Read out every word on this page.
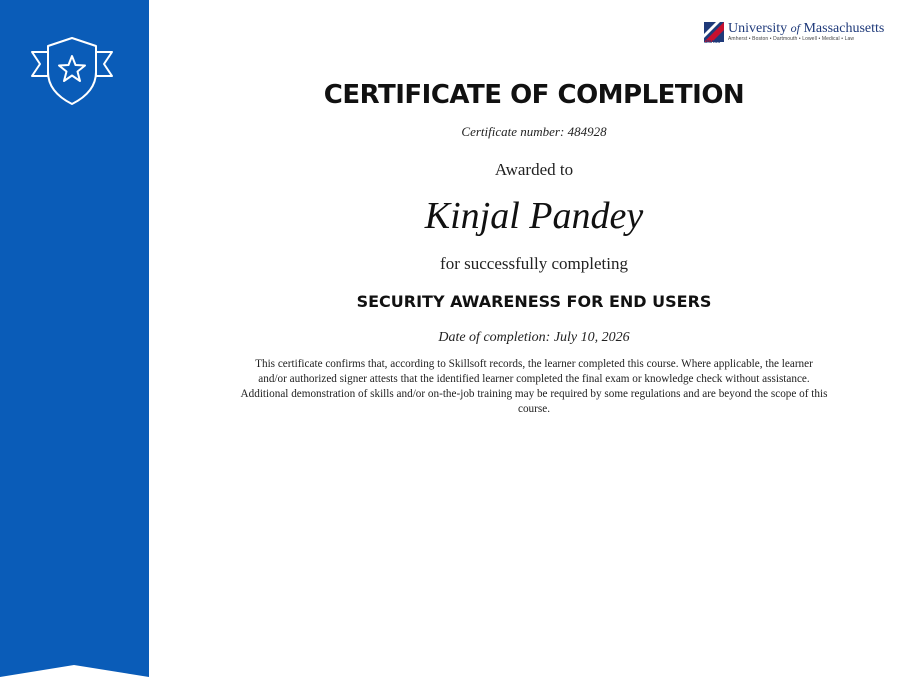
UMASS
University of Massachusetts
Amherst • Boston • Dartmouth • Lowell • Medical • Law
CERTIFICATE OF COMPLETION
Certificate number: 484928
Awarded to
Kinjal Pandey
for successfully completing
SECURITY AWARENESS FOR END USERS
Date of completion: July 10, 2026
This certificate confirms that, according to Skillsoft records, the learner completed this course. Where applicable, the learner and/or authorized signer attests that the identified learner completed the final exam or knowledge check without assistance. Additional demonstration of skills and/or on-the-job training may be required by some regulations and are beyond the scope of this course.
